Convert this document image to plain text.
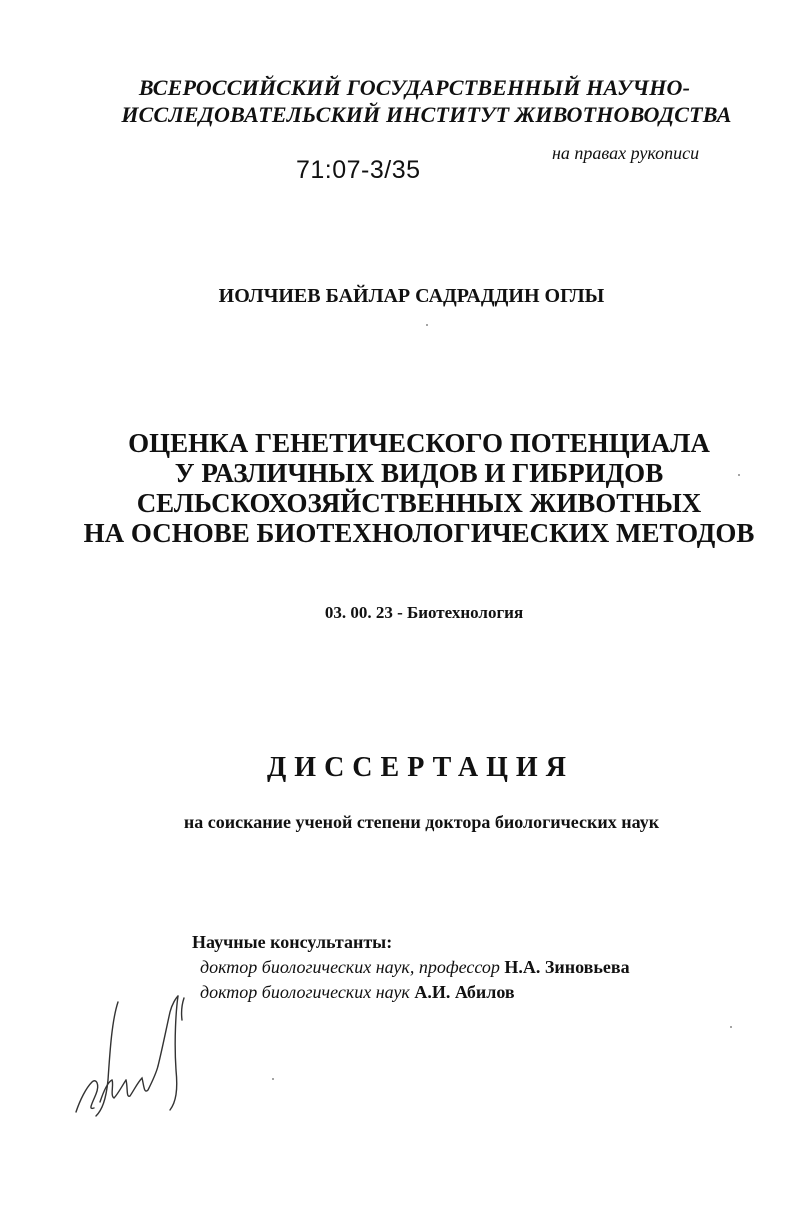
ВСЕРОССИЙСКИЙ ГОСУДАРСТВЕННЫЙ НАУЧНО-
ИССЛЕДОВАТЕЛЬСКИЙ ИНСТИТУТ ЖИВОТНОВОДСТВА
71:07-3/35
на правах рукописи
ИОЛЧИЕВ БАЙЛАР САДРАДДИН ОГЛЫ
ОЦЕНКА ГЕНЕТИЧЕСКОГО ПОТЕНЦИАЛА
У РАЗЛИЧНЫХ ВИДОВ И ГИБРИДОВ
СЕЛЬСКОХОЗЯЙСТВЕННЫХ ЖИВОТНЫХ
НА ОСНОВЕ БИОТЕХНОЛОГИЧЕСКИХ МЕТОДОВ
03. 00. 23 - Биотехнология
ДИССЕРТАЦИЯ
на соискание ученой степени доктора биологических наук
Научные консультанты:
доктор биологических наук, профессор Н.А. Зиновьева
доктор биологических наук А.И. Абилов
